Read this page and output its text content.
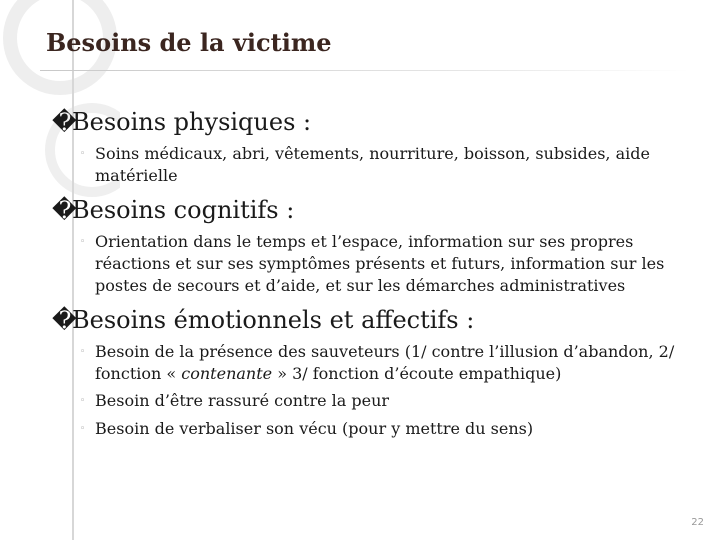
Besoins de la victime
�Besoins physiques :
◦ Soins médicaux, abri, vêtements, nourriture, boisson, subsides, aide matérielle
�Besoins cognitifs :
◦ Orientation dans le temps et l’espace, information sur ses propres réactions et sur ses symptômes présents et futurs, information sur les postes de secours et d’aide, et sur les démarches administratives
�Besoins émotionnels et affectifs :
◦ Besoin de la présence des sauveteurs (1/ contre l’illusion d’abandon, 2/ fonction « contenante » 3/ fonction d’écoute empathique)
◦ Besoin d’être rassuré contre la peur
◦ Besoin de verbaliser son vécu (pour y mettre du sens)
22
